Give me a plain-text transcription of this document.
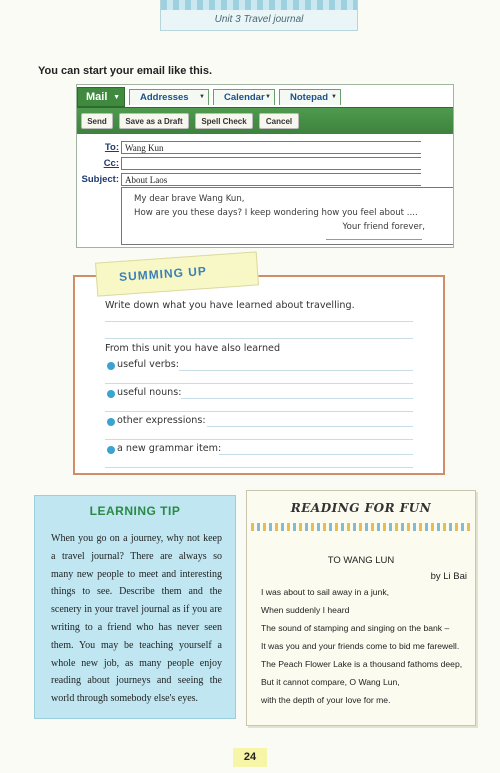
Unit 3 Travel journal
You can start your email like this.
Mail ▼	Addresses ▼	Calendar ▼	Notepad ▼
Send	Save as a Draft	Spell Check	Cancel
To: Wang Kun
Cc:
Subject: About Laos
My dear brave Wang Kun,
How are you these days? I keep wondering how you feel about ....
Your friend forever,
Write down what you have learned about travelling.
From this unit you have also learned
useful verbs:
useful nouns:
other expressions:
a new grammar item:
SUMMING UP
LEARNING TIP
When you go on a journey, why not keep a travel journal? There are always so many new people to meet and interesting things to see. Describe them and the scenery in your travel journal as if you are writing to a friend who has never seen them. You may be teaching yourself a whole new job, as many people enjoy reading about journeys and seeing the world through somebody else's eyes.
READING FOR FUN
TO WANG LUN
by Li Bai
I was about to sail away in a junk,
When suddenly I heard
The sound of stamping and singing on the bank –
It was you and your friends come to bid me farewell.
The Peach Flower Lake is a thousand fathoms deep,
But it cannot compare, O Wang Lun,
with the depth of your love for me.
24
